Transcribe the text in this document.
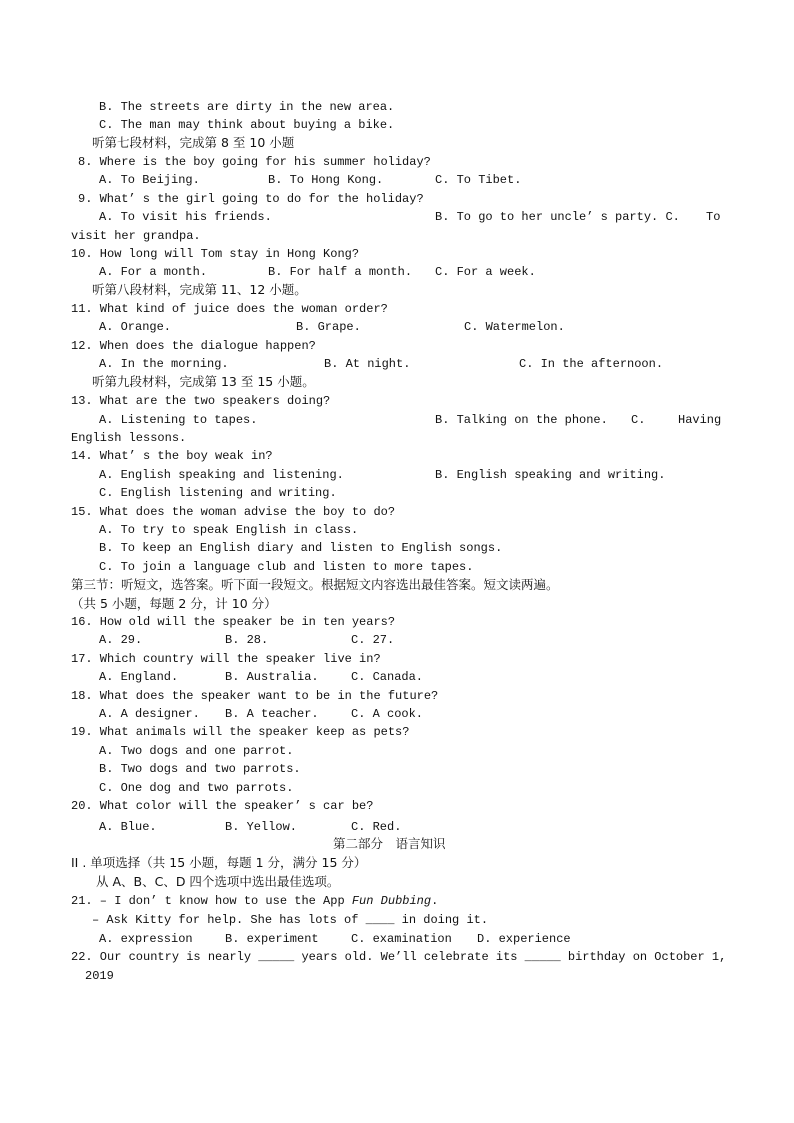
B. The streets are dirty in the new area.
C. The man may think about buying a bike.
听第七段材料，完成第 8 至 10 小题
8. Where is the boy going for his summer holiday?
A. To Beijing.	B. To Hong Kong.	C. To Tibet.
9. What’ s the girl going to do for the holiday?
A. To visit his friends.	B. To go to her uncle’ s party. C. To
visit her grandpa.
10. How long will Tom stay in Hong Kong?
A. For a month.	B. For half a month. C. For a week.
听第八段材料，完成第 11、12 小题。
11. What kind of juice does the woman order?
A. Orange.	B. Grape.	C. Watermelon.
12. When does the dialogue happen?
A. In the morning.	B. At night.	C. In the afternoon.
听第九段材料，完成第 13 至 15 小题。
13. What are the two speakers doing?
A. Listening to tapes.	B. Talking on the phone. C.	Having
English lessons.
14. What’ s the boy weak in?
A. English speaking and listening.	B. English speaking and writing.
C. English listening and writing.
15. What does the woman advise the boy to do?
A. To try to speak English in class.
B. To keep an English diary and listen to English songs.
C. To join a language club and listen to more tapes.
第三节：听短文，选答案。听下面一段短文。根据短文内容选出最佳答案。短文读两遍。
（共 5 小题，每题 2 分，计 10 分）
16. How old will the speaker be in ten years?
A. 29.	B. 28.	C. 27.
17. Which country will the speaker live in?
A. England.	B. Australia.	C. Canada.
18. What does the speaker want to be in the future?
A. A designer. B. A teacher.	C. A cook.
19. What animals will the speaker keep as pets?
A. Two dogs and one parrot.
B. Two dogs and two parrots.
C. One dog and two parrots.
20. What color will the speaker’ s car be?
A. Blue.	B. Yellow.	C. Red.
第二部分　语言知识
II . 单项选择（共 15 小题，每题 1 分，满分 15 分）
从 A、B、C、D 四个选项中选出最佳选项。
21. – I don’ t know how to use the App Fun Dubbing.
– Ask Kitty for help. She has lots of ____ in doing it.
A. expression	B. experiment	C. examination D. experience
22. Our country is nearly _____ years old. We’ll celebrate its _____ birthday on October 1,
2019
